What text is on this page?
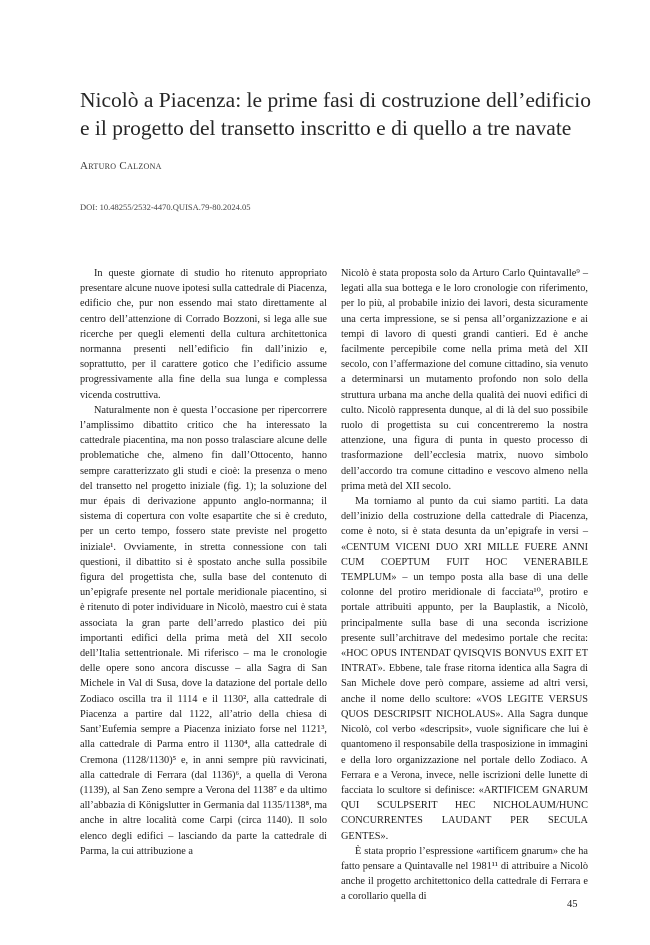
Nicolò a Piacenza: le prime fasi di costruzione dell’edificio
e il progetto del transetto inscritto e di quello a tre navate
Arturo Calzona
DOI: 10.48255/2532-4470.QUISA.79-80.2024.05

In queste giornate di studio ho ritenuto appropriato presentare alcune nuove ipotesi sulla cattedrale di Piacenza, edificio che, pur non essendo mai stato direttamente al centro dell’attenzione di Corrado Bozzoni, si lega alle sue ricerche per quegli elementi della cultura architettonica normanna presenti nell’edificio fin dall’inizio e, soprattutto, per il carattere gotico che l’edificio assume progressivamente alla fine della sua lunga e complessa vicenda costruttiva.

Naturalmente non è questa l’occasione per ripercorrere l’amplissimo dibattito critico che ha interessato la cattedrale piacentina, ma non posso tralasciare alcune delle problematiche che, almeno fin dall’Ottocento, hanno sempre caratterizzato gli studi e cioè: la presenza o meno del transetto nel progetto iniziale (fig. 1); la soluzione del mur épais di derivazione appunto anglo-normanna; il sistema di copertura con volte esapartite che si è creduto, per un certo tempo, fossero state previste nel progetto iniziale¹. Ovviamente, in stretta connessione con tali questioni, il dibattito si è spostato anche sulla possibile figura del progettista che, sulla base del contenuto di un’epigrafe presente nel portale meridionale piacentino, si è ritenuto di poter individuare in Nicolò, maestro cui è stata associata la gran parte dell’arredo plastico dei più importanti edifici della prima metà del XII secolo dell’Italia settentrionale. Mi riferisco – ma le cronologie delle opere sono ancora discusse – alla Sagra di San Michele in Val di Susa, dove la datazione del portale dello Zodiaco oscilla tra il 1114 e il 1130², alla cattedrale di Piacenza a partire dal 1122, all’atrio della chiesa di Sant’Eufemia sempre a Piacenza iniziato forse nel 1121³, alla cattedrale di Parma entro il 1130⁴, alla cattedrale di Cremona (1128/1130)⁵ e, in anni sempre più ravvicinati, alla cattedrale di Ferrara (dal 1136)⁶, a quella di Verona (1139), al San Zeno sempre a Verona del 1138⁷ e da ultimo all’abbazia di Königslutter in Germania dal 1135/1138⁸, ma anche in altre località come Carpi (circa 1140). Il solo elenco degli edifici – lasciando da parte la cattedrale di Parma, la cui attribuzione a

Nicolò è stata proposta solo da Arturo Carlo Quintavalle⁹ – legati alla sua bottega e le loro cronologie con riferimento, per lo più, al probabile inizio dei lavori, desta sicuramente una certa impressione, se si pensa all’organizzazione e ai tempi di lavoro di questi grandi cantieri. Ed è anche facilmente percepibile come nella prima metà del XII secolo, con l’affermazione del comune cittadino, sia venuto a determinarsi un mutamento profondo non solo della struttura urbana ma anche della qualità dei nuovi edifici di culto. Nicolò rappresenta dunque, al di là del suo possibile ruolo di progettista su cui concentreremo la nostra attenzione, una figura di punta in questo processo di trasformazione dell’ecclesia matrix, nuovo simbolo dell’accordo tra comune cittadino e vescovo almeno nella prima metà del XII secolo.

Ma torniamo al punto da cui siamo partiti. La data dell’inizio della costruzione della cattedrale di Piacenza, come è noto, si è stata desunta da un’epigrafe in versi – «CENTUM VICENI DUO XRI MILLE FUERE ANNI CUM COEPTUM FUIT HOC VENERABILE TEMPLUM» – un tempo posta alla base di una delle colonne del protiro meridionale di facciata¹⁰, protiro e portale attribuiti appunto, per la Bauplastik, a Nicolò, principalmente sulla base di una seconda iscrizione presente sull’architrave del medesimo portale che recita: «HOC OPUS INTENDAT QVISQVIS BONVUS EXIT ET INTRAT». Ebbene, tale frase ritorna identica alla Sagra di San Michele dove però compare, assieme ad altri versi, anche il nome dello scultore: «VOS LEGITE VERSUS QUOS DESCRIPSIT NICHOLAUS». Alla Sagra dunque Nicolò, col verbo «descripsit», vuole significare che lui è quantomeno il responsabile della trasposizione in immagini e della loro organizzazione nel portale dello Zodiaco. A Ferrara e a Verona, invece, nelle iscrizioni delle lunette di facciata lo scultore si definisce: «ARTIFICEM GNARUM QUI SCULPSERIT HEC NICHOLAUM/HUNC CONCURRENTES LAUDANT PER SECULA GENTES».

È stata proprio l’espressione «artificem gnarum» che ha fatto pensare a Quintavalle nel 1981¹¹ di attribuire a Nicolò anche il progetto architettonico della cattedrale di Ferrara e a corollario quella di

45
